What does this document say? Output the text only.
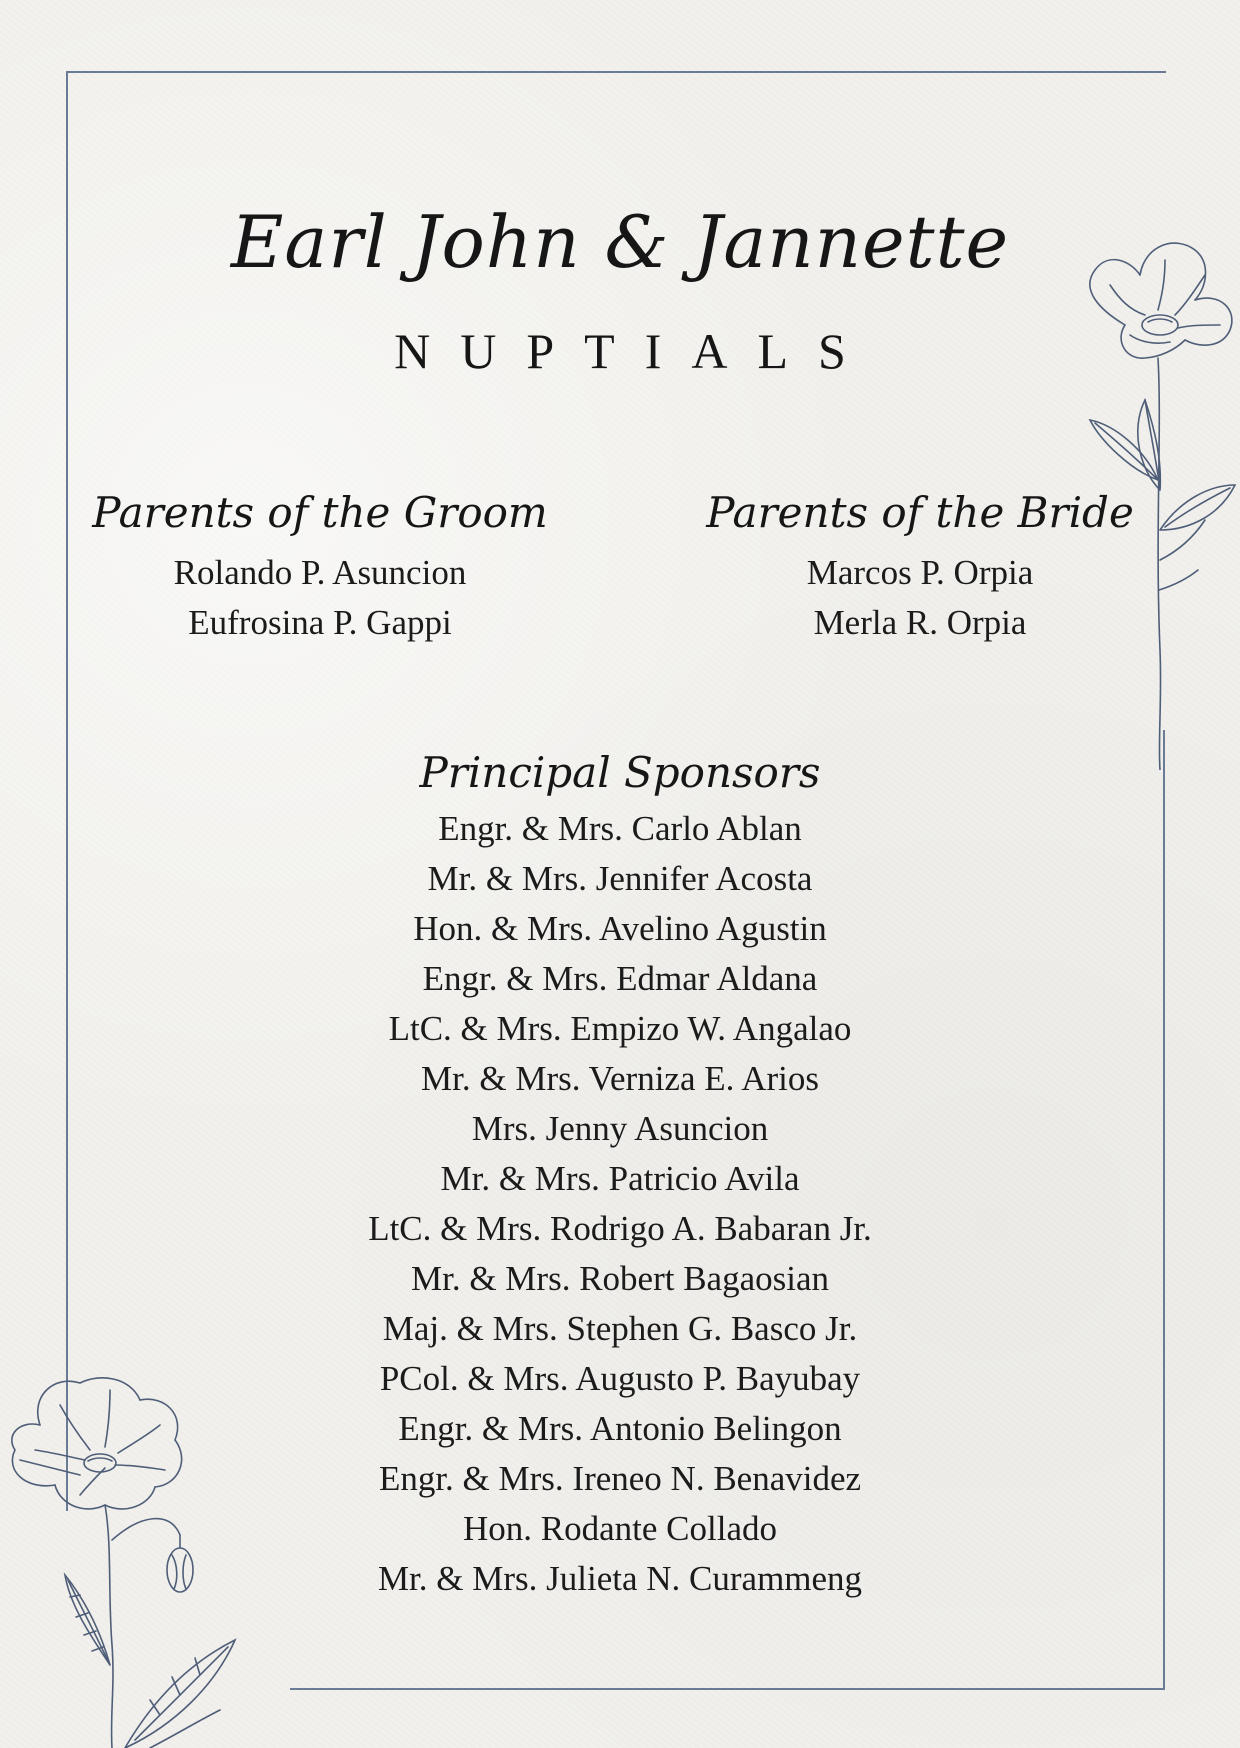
Earl John & Jannette
NUPTIALS
Parents of the Groom
Rolando P. Asuncion
Eufrosina P. Gappi
Parents of the Bride
Marcos P. Orpia
Merla R. Orpia
Principal Sponsors
Engr. & Mrs. Carlo Ablan
Mr. & Mrs. Jennifer Acosta
Hon. & Mrs. Avelino Agustin
Engr. & Mrs. Edmar Aldana
LtC. & Mrs. Empizo W. Angalao
Mr. & Mrs. Verniza E. Arios
Mrs. Jenny Asuncion
Mr. & Mrs. Patricio Avila
LtC. & Mrs. Rodrigo A. Babaran Jr.
Mr. & Mrs. Robert Bagaosian
Maj. & Mrs. Stephen G. Basco Jr.
PCol. & Mrs. Augusto P. Bayubay
Engr. & Mrs. Antonio Belingon
Engr. & Mrs. Ireneo N. Benavidez
Hon. Rodante Collado
Mr. & Mrs. Julieta N. Curammeng
